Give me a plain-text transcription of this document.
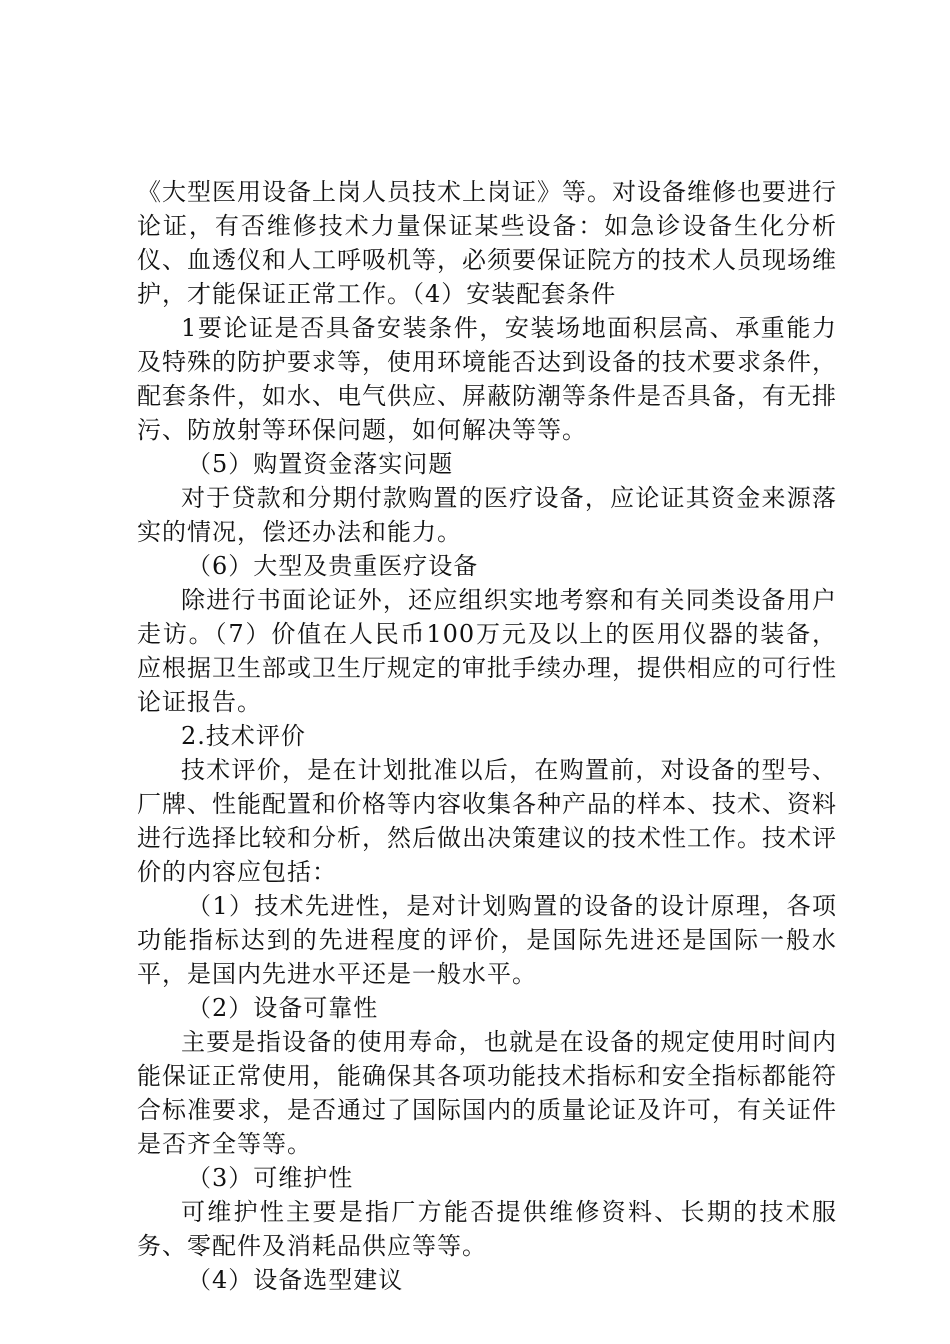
《大型医用设备上岗人员技术上岗证》等。对设备维修也要进行论证，有否维修技术力量保证某些设备：如急诊设备生化分析仪、血透仪和人工呼吸机等，必须要保证院方的技术人员现场维护，才能保证正常工作。（4）安装配套条件

1要论证是否具备安装条件，安装场地面积层高、承重能力及特殊的防护要求等，使用环境能否达到设备的技术要求条件，配套条件，如水、电气供应、屏蔽防潮等条件是否具备，有无排污、防放射等环保问题，如何解决等等。

（5）购置资金落实问题

对于贷款和分期付款购置的医疗设备，应论证其资金来源落实的情况，偿还办法和能力。

（6）大型及贵重医疗设备

除进行书面论证外，还应组织实地考察和有关同类设备用户走访。（7）价值在人民币100万元及以上的医用仪器的装备，应根据卫生部或卫生厅规定的审批手续办理，提供相应的可行性论证报告。

2.技术评价

技术评价，是在计划批准以后，在购置前，对设备的型号、厂牌、性能配置和价格等内容收集各种产品的样本、技术、资料进行选择比较和分析，然后做出决策建议的技术性工作。技术评价的内容应包括：

（1）技术先进性，是对计划购置的设备的设计原理，各项功能指标达到的先进程度的评价，是国际先进还是国际一般水平，是国内先进水平还是一般水平。

（2）设备可靠性

主要是指设备的使用寿命，也就是在设备的规定使用时间内能保证正常使用，能确保其各项功能技术指标和安全指标都能符合标准要求，是否通过了国际国内的质量论证及许可，有关证件是否齐全等等。

（3）可维护性

可维护性主要是指厂方能否提供维修资料、长期的技术服务、零配件及消耗品供应等等。

（4）设备选型建议
